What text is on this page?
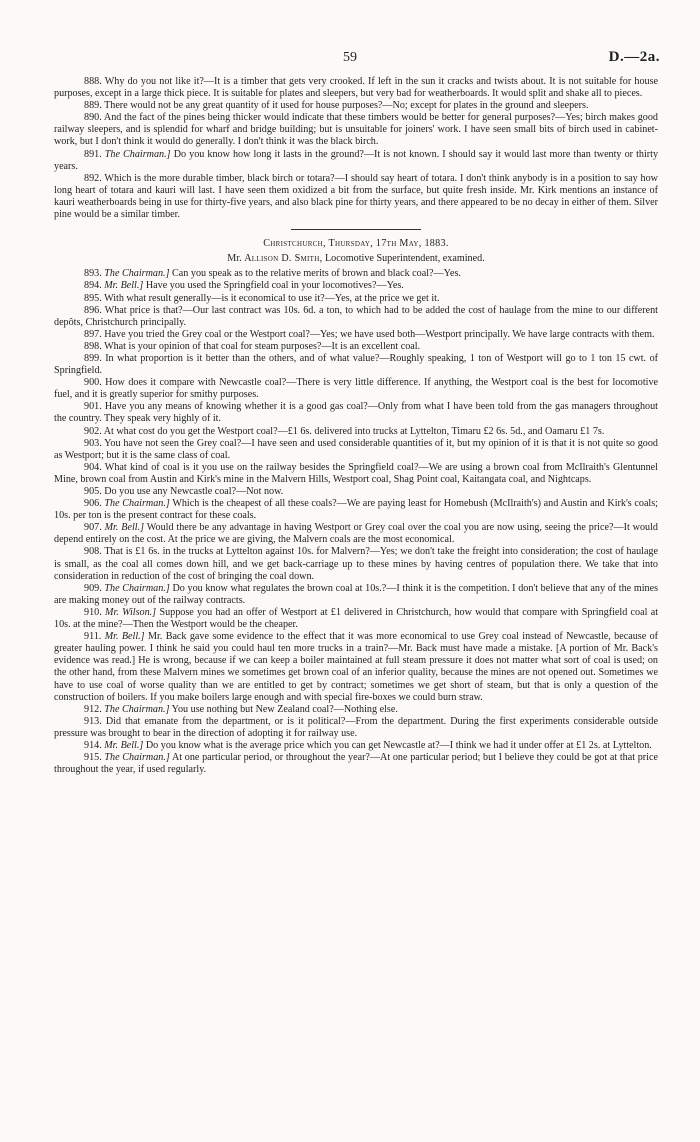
59	D.—2a.

888. Why do you not like it?—It is a timber that gets very crooked. If left in the sun it cracks and twists about. It is not suitable for house purposes, except in a large thick piece. It is suitable for plates and sleepers, but very bad for weatherboards. It would split and shake all to pieces.

889. There would not be any great quantity of it used for house purposes?—No; except for plates in the ground and sleepers.

890. And the fact of the pines being thicker would indicate that these timbers would be better for general purposes?—Yes; birch makes good railway sleepers, and is splendid for wharf and bridge building; but is unsuitable for joiners' work. I have seen small bits of birch used in cabinet-work, but I don't think it would do generally. I don't think it was the black birch.

891. The Chairman.] Do you know how long it lasts in the ground?—It is not known. I should say it would last more than twenty or thirty years.

892. Which is the more durable timber, black birch or totara?—I should say heart of totara. I don't think anybody is in a position to say how long heart of totara and kauri will last. I have seen them oxidized a bit from the surface, but quite fresh inside. Mr. Kirk mentions an instance of kauri weatherboards being in use for thirty-five years, and also black pine for thirty years, and there appeared to be no decay in either of them. Silver pine would be a similar timber.

Christchurch, Thursday, 17th May, 1883.

Mr. Allison D. Smith, Locomotive Superintendent, examined.

893. The Chairman.] Can you speak as to the relative merits of brown and black coal?—Yes.

894. Mr. Bell.] Have you used the Springfield coal in your locomotives?—Yes.

895. With what result generally—is it economical to use it?—Yes, at the price we get it.

896. What price is that?—Our last contract was 10s. 6d. a ton, to which had to be added the cost of haulage from the mine to our different depôts, Christchurch principally.

897. Have you tried the Grey coal or the Westport coal?—Yes; we have used both—Westport principally. We have large contracts with them.

898. What is your opinion of that coal for steam purposes?—It is an excellent coal.

899. In what proportion is it better than the others, and of what value?—Roughly speaking, 1 ton of Westport will go to 1 ton 15 cwt. of Springfield.

900. How does it compare with Newcastle coal?—There is very little difference. If anything, the Westport coal is the best for locomotive fuel, and it is greatly superior for smithy purposes.

901. Have you any means of knowing whether it is a good gas coal?—Only from what I have been told from the gas managers throughout the country. They speak very highly of it.

902. At what cost do you get the Westport coal?—£1 6s. delivered into trucks at Lyttelton, Timaru £2 6s. 5d., and Oamaru £1 7s.

903. You have not seen the Grey coal?—I have seen and used considerable quantities of it, but my opinion of it is that it is not quite so good as Westport; but it is the same class of coal.

904. What kind of coal is it you use on the railway besides the Springfield coal?—We are using a brown coal from McIlraith's Glentunnel Mine, brown coal from Austin and Kirk's mine in the Malvern Hills, Westport coal, Shag Point coal, Kaitangata coal, and Nightcaps.

905. Do you use any Newcastle coal?—Not now.

906. The Chairman.] Which is the cheapest of all these coals?—We are paying least for Homebush (McIlraith's) and Austin and Kirk's coals; 10s. per ton is the present contract for these coals.

907. Mr. Bell.] Would there be any advantage in having Westport or Grey coal over the coal you are now using, seeing the price?—It would depend entirely on the cost. At the price we are giving, the Malvern coals are the most economical.

908. That is £1 6s. in the trucks at Lyttelton against 10s. for Malvern?—Yes; we don't take the freight into consideration; the cost of haulage is small, as the coal all comes down hill, and we get back-carriage up to these mines by having centres of population there. We take that into consideration in reduction of the cost of bringing the coal down.

909. The Chairman.] Do you know what regulates the brown coal at 10s.?—I think it is the competition. I don't believe that any of the mines are making money out of the railway contracts.

910. Mr. Wilson.] Suppose you had an offer of Westport at £1 delivered in Christchurch, how would that compare with Springfield coal at 10s. at the mine?—Then the Westport would be the cheaper.

911. Mr. Bell.] Mr. Back gave some evidence to the effect that it was more economical to use Grey coal instead of Newcastle, because of greater hauling power. I think he said you could haul ten more trucks in a train?—Mr. Back must have made a mistake. [A portion of Mr. Back's evidence was read.] He is wrong, because if we can keep a boiler maintained at full steam pressure it does not matter what sort of coal is used; on the other hand, from these Malvern mines we sometimes get brown coal of an inferior quality, because the mines are not opened out. Sometimes we have to use coal of worse quality than we are entitled to get by contract; sometimes we get short of steam, but that is only a question of the construction of boilers. If you make boilers large enough and with special fire-boxes we could burn straw.

912. The Chairman.] You use nothing but New Zealand coal?—Nothing else.

913. Did that emanate from the department, or is it political?—From the department. During the first experiments considerable outside pressure was brought to bear in the direction of adopting it for railway use.

914. Mr. Bell.] Do you know what is the average price which you can get Newcastle at?—I think we had it under offer at £1 2s. at Lyttelton.

915. The Chairman.] At one particular period, or throughout the year?—At one particular period; but I believe they could be got at that price throughout the year, if used regularly.
